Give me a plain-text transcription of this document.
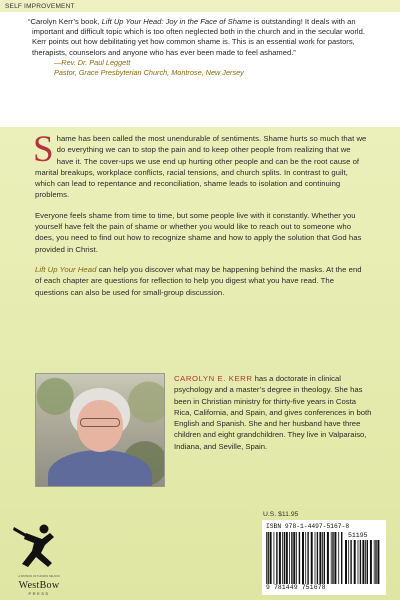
SELF IMPROVEMENT

“Carolyn Kerr’s book, Lift Up Your Head: Joy in the Face of Shame is outstanding! It deals with an important and difficult topic which is too often neglected both in the church and in the secular world. Kerr points out how debilitating yet how common shame is. This is an essential work for pastors, therapists, counselors and anyone who has ever been made to feel ashamed.”

—Rev. Dr. Paul Leggett

Pastor, Grace Presbyterian Church, Montrose, New Jersey

Shame has been called the most unendurable of sentiments. Shame hurts so much that we do everything we can to stop the pain and to keep other people from realizing that we have it. The cover-ups we use end up hurting other people and can be the root cause of marital breakups, workplace conflicts, racial tensions, and church splits. In contrast to guilt, which can lead to repentance and reconciliation, shame leads to isolation and continuing problems.

Everyone feels shame from time to time, but some people live with it constantly. Whether you yourself have felt the pain of shame or whether you would like to reach out to someone who does, you need to find out how to recognize shame and how to apply the solution that God has provided in Christ.

Lift Up Your Head can help you discover what may be happening behind the masks. At the end of each chapter are questions for reflection to help you digest what you have read. The questions can also be used for small-group discussion.

CAROLYN E. KERR has a doctorate in clinical psychology and a master’s degree in theology. She has been in Christian ministry for thirty-five years in Costa Rica, California, and Spain, and gives conferences in both English and Spanish. She and her husband have three children and eight grandchildren. They live in Valparaiso, Indiana, and Seville, Spain.

A DIVISION OF THOMAS NELSON
WestBow
PRESS
U.S. $11.95
ISBN 978-1-4497-5167-8
51195
9 781449 751678
